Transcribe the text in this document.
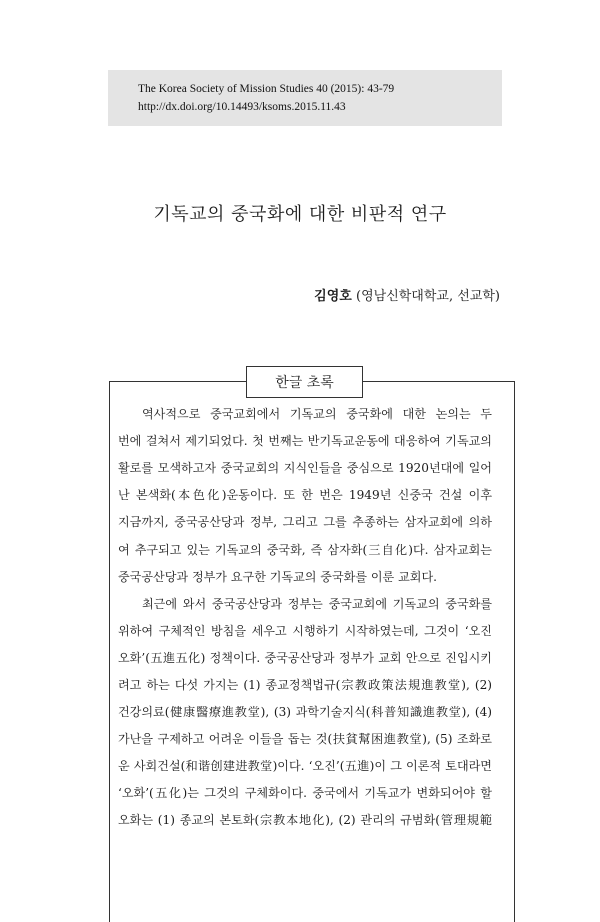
The Korea Society of Mission Studies 40 (2015): 43-79
http://dx.doi.org/10.14493/ksoms.2015.11.43
기독교의 중국화에 대한 비판적 연구
김영호 (영남신학대학교, 선교학)
한글 초록
역사적으로 중국교회에서 기독교의 중국화에 대한 논의는 두
번에 걸쳐서 제기되었다. 첫 번째는 반기독교운동에 대응하여 기독교의
활로를 모색하고자 중국교회의 지식인들을 중심으로 1920년대에 일어
난 본색화(本色化)운동이다. 또 한 번은 1949년 신중국 건설 이후
지금까지, 중국공산당과 정부, 그리고 그를 추종하는 삼자교회에 의하
여 추구되고 있는 기독교의 중국화, 즉 삼자화(三自化)다. 삼자교회는
중국공산당과 정부가 요구한 기독교의 중국화를 이룬 교회다.
최근에 와서 중국공산당과 정부는 중국교회에 기독교의 중국화를
위하여 구체적인 방침을 세우고 시행하기 시작하였는데, 그것이 ‘오진
오화’(五進五化) 정책이다. 중국공산당과 정부가 교회 안으로 진입시키
려고 하는 다섯 가지는 (1) 종교정책법규(宗教政策法規進教堂), (2)
건강의료(健康醫療進教堂), (3) 과학기술지식(科普知識進教堂), (4)
가난을 구제하고 어려운 이들을 돕는 것(扶貧幫困進教堂), (5) 조화로
운 사회건설(和谐创建进教堂)이다. ‘오진’(五進)이 그 이론적 토대라면
‘오화’(五化)는 그것의 구체화이다. 중국에서 기독교가 변화되어야 할
오화는 (1) 종교의 본토화(宗教本地化), (2) 관리의 규범화(管理規範
